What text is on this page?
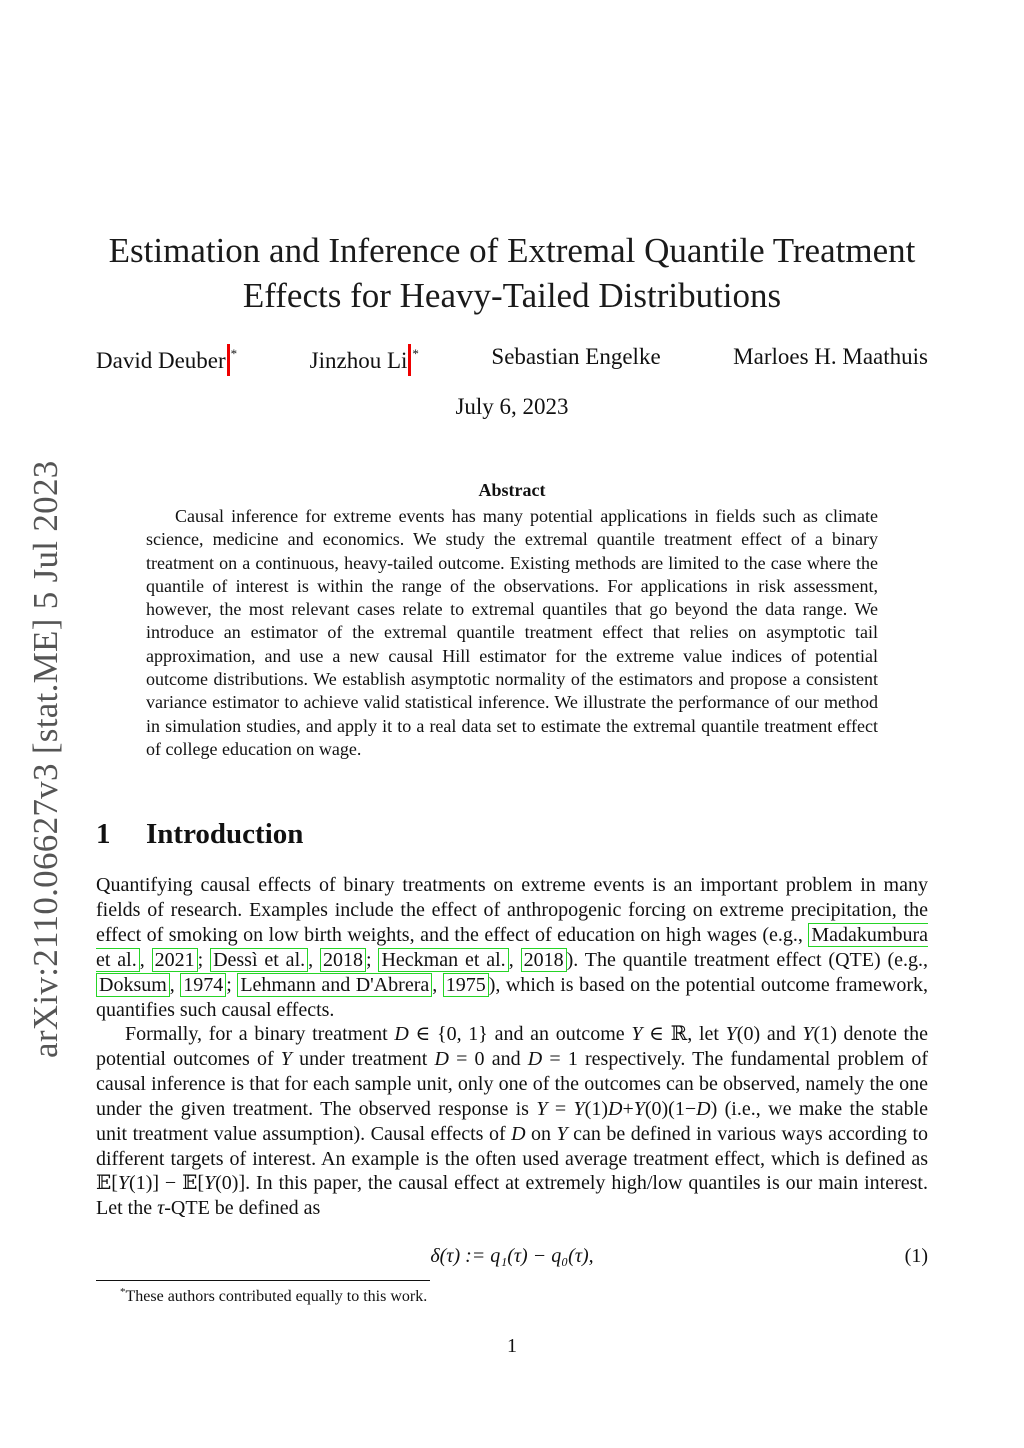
arXiv:2110.06627v3 [stat.ME] 5 Jul 2023
Estimation and Inference of Extremal Quantile Treatment
Effects for Heavy-Tailed Distributions
David Deuber *	Jinzhou Li *	Sebastian Engelke	Marloes H. Maathuis
July 6, 2023
Abstract

Causal inference for extreme events has many potential applications in fields such as climate science, medicine and economics. We study the extremal quantile treatment effect of a binary treatment on a continuous, heavy-tailed outcome. Existing methods are limited to the case where the quantile of interest is within the range of the observations. For applications in risk assessment, however, the most relevant cases relate to extremal quantiles that go beyond the data range. We introduce an estimator of the extremal quantile treatment effect that relies on asymptotic tail approximation, and use a new causal Hill estimator for the extreme value indices of potential outcome distributions. We establish asymptotic normality of the estimators and propose a consistent variance estimator to achieve valid statistical inference. We illustrate the performance of our method in simulation studies, and apply it to a real data set to estimate the extremal quantile treatment effect of college education on wage.

1 Introduction

Quantifying causal effects of binary treatments on extreme events is an important problem in many fields of research. Examples include the effect of anthropogenic forcing on extreme precipitation, the effect of smoking on low birth weights, and the effect of education on high wages (e.g., Madakumbura et al. , 2021 ; Dessì et al. , 2018 ; Heckman et al. , 2018 ). The quantile treatment effect (QTE) (e.g., Doksum , 1974 ; Lehmann and D'Abrera , 1975 ), which is based on the potential outcome framework, quantifies such causal effects.

Formally, for a binary treatment D ∈ {0, 1} and an outcome Y ∈ ℝ, let Y(0) and Y(1) denote the potential outcomes of Y under treatment D = 0 and D = 1 respectively. The fundamental problem of causal inference is that for each sample unit, only one of the outcomes can be observed, namely the one under the given treatment. The observed response is Y = Y(1)D+Y(0)(1−D) (i.e., we make the stable unit treatment value assumption). Causal effects of D on Y can be defined in various ways according to different targets of interest. An example is the often used average treatment effect, which is defined as 𝔼[Y(1)] − 𝔼[Y(0)]. In this paper, the causal effect at extremely high/low quantiles is our main interest. Let the τ-QTE be defined as

δ(τ) := q₁(τ) − q₀(τ),	(1)
*These authors contributed equally to this work.
1
